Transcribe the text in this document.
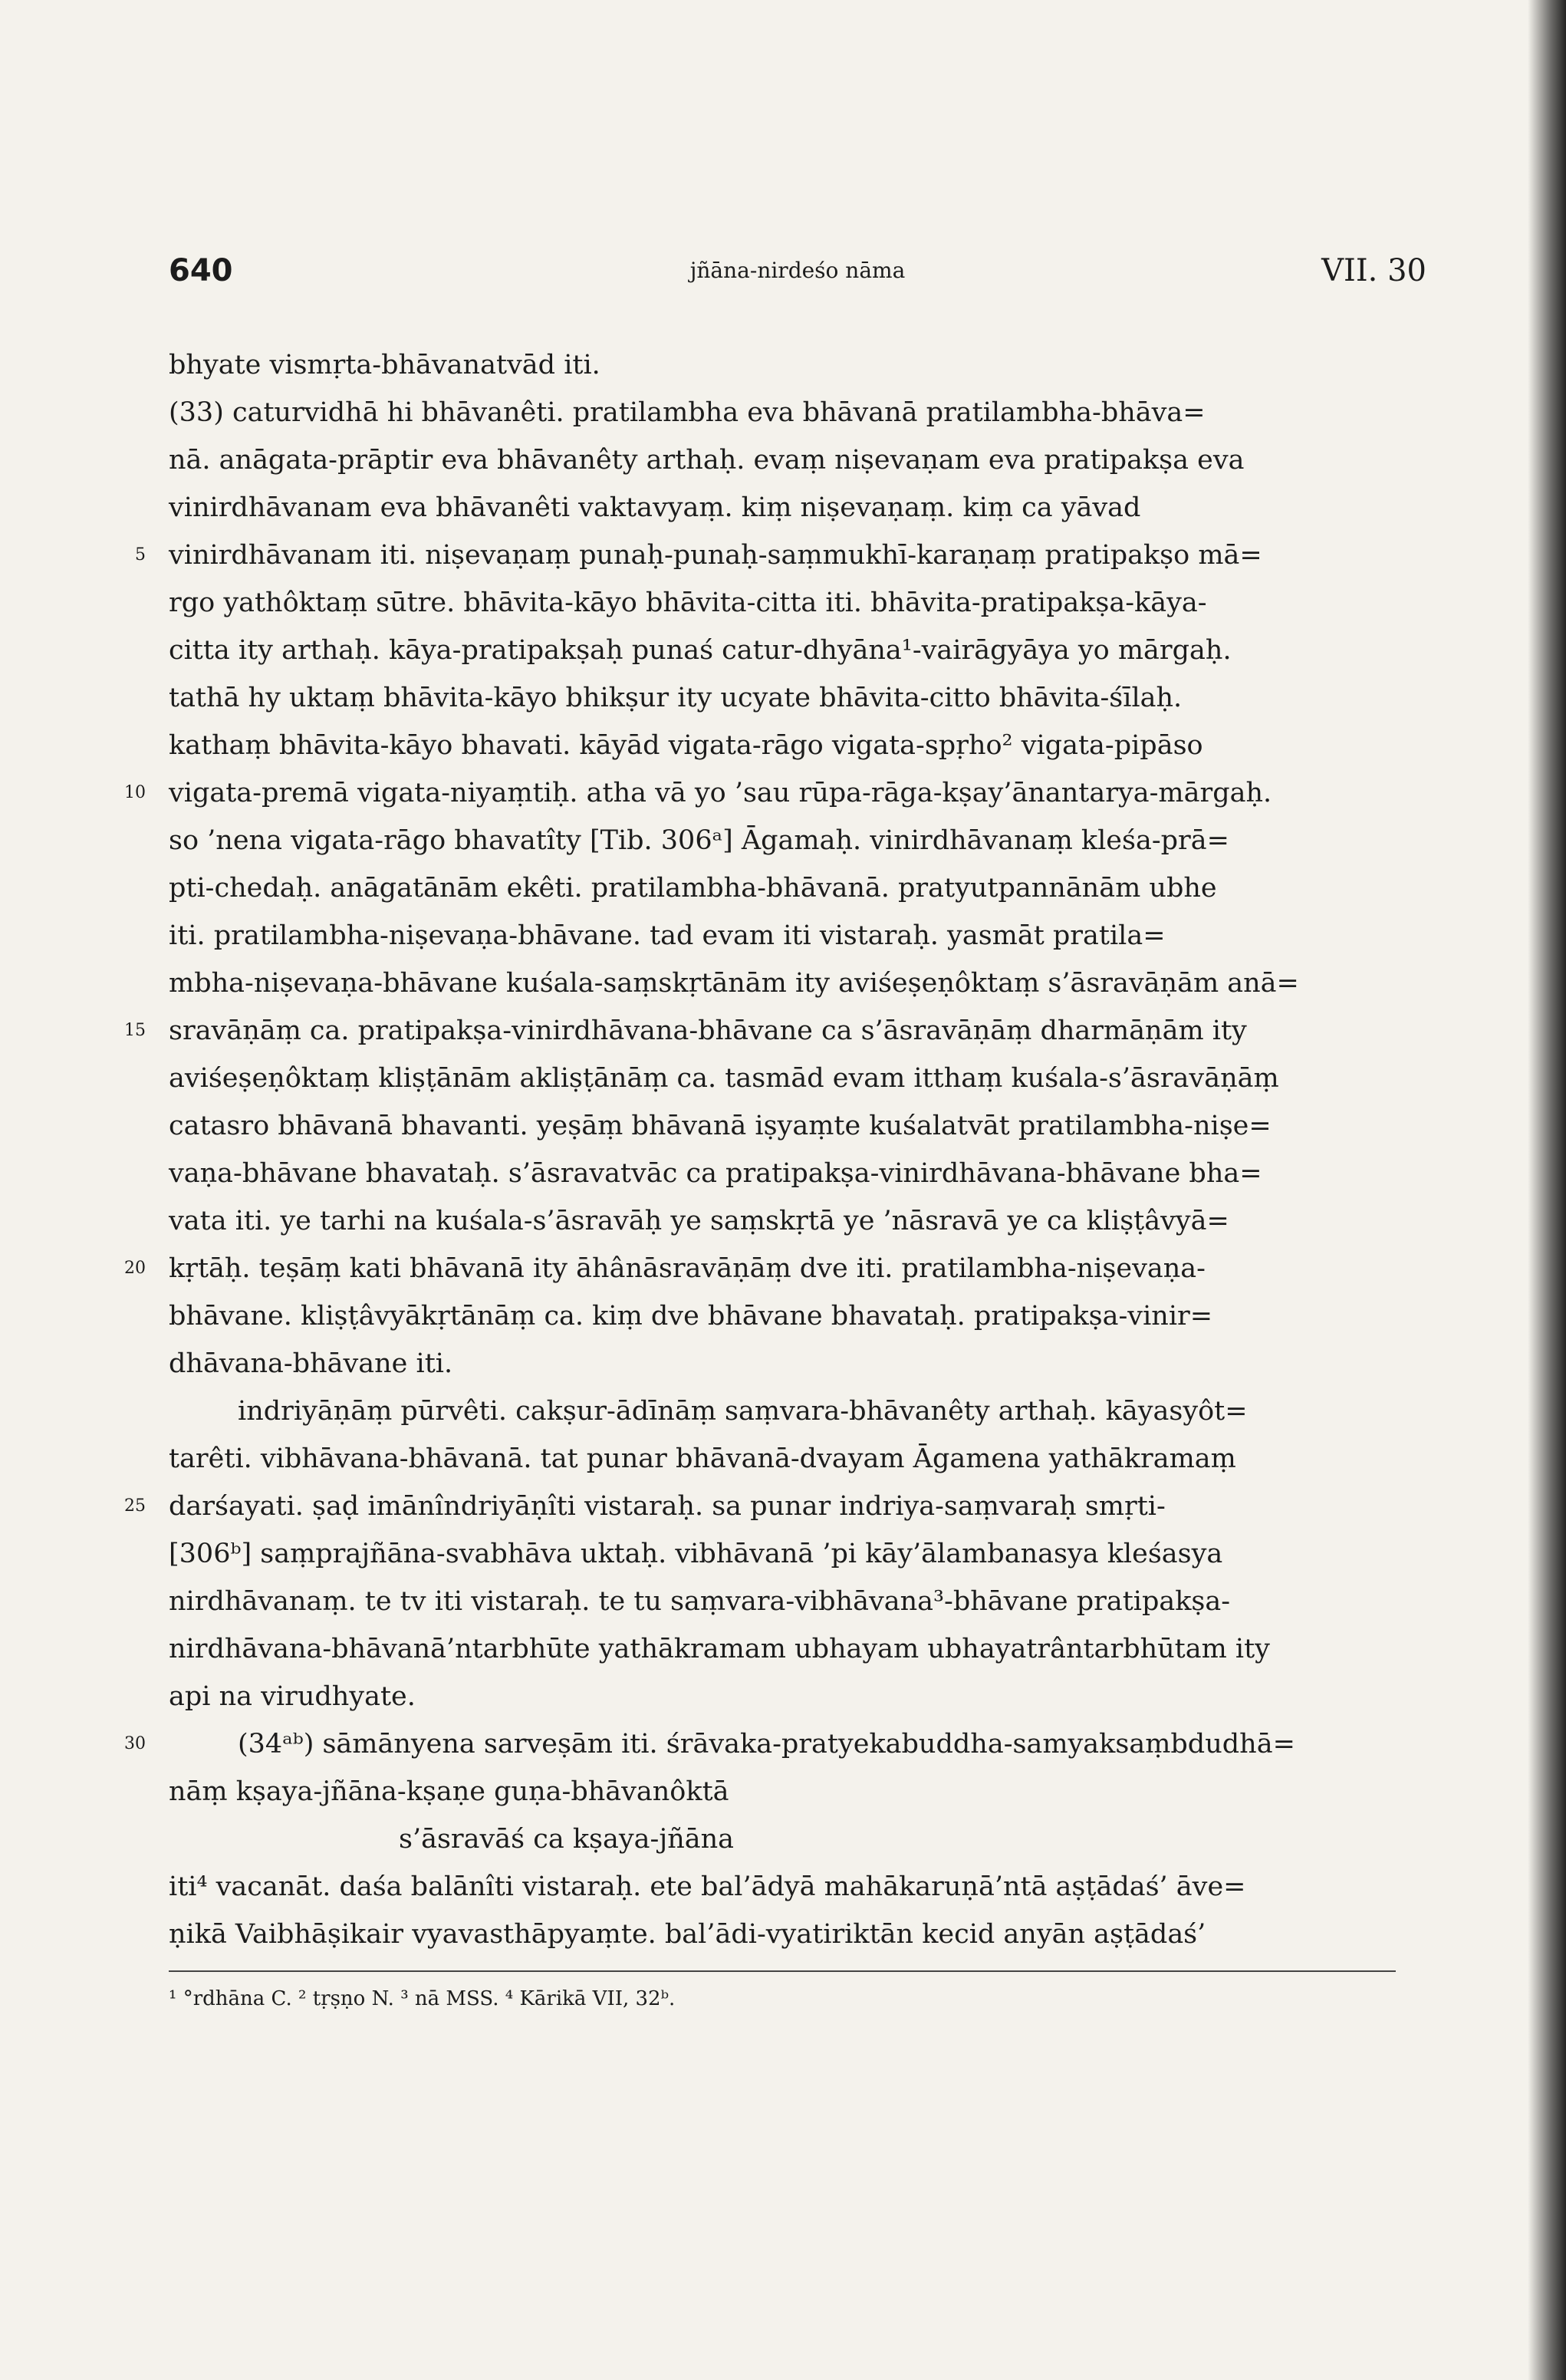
640	jñāna-nirdeśo nāma	VII. 30
bhyate vismṛta-bhāvanatvād iti.
(33) caturvidhā hi bhāvanêti. pratilambha eva bhāvanā pratilambha-bhāva=
nā. anāgata-prāptir eva bhāvanêty arthaḥ. evaṃ niṣevaṇam eva pratipakṣa eva
vinirdhāvanam eva bhāvanêti vaktavyaṃ. kiṃ niṣevaṇaṃ. kiṃ ca yāvad
5 vinirdhāvanam iti. niṣevaṇaṃ punaḥ-punaḥ-saṃmukhī-karaṇaṃ pratipakṣo mā=
rgo yathôktaṃ sūtre. bhāvita-kāyo bhāvita-citta iti. bhāvita-pratipakṣa-kāya-
citta ity arthaḥ. kāya-pratipakṣaḥ punaś catur-dhyāna¹-vairāgyāya yo mārgaḥ.
tathā hy uktaṃ bhāvita-kāyo bhikṣur ity ucyate bhāvita-citto bhāvita-śīlaḥ.
kathaṃ bhāvita-kāyo bhavati. kāyād vigata-rāgo vigata-spṛho² vigata-pipāso
10 vigata-premā vigata-niyaṃtiḥ. atha vā yo ’sau rūpa-rāga-kṣay’ānantarya-mārgaḥ.
so ’nena vigata-rāgo bhavatîty [Tib. 306ᵃ] Āgamaḥ. vinirdhāvanaṃ kleśa-prā=
pti-chedaḥ. anāgatānām ekêti. pratilambha-bhāvanā. pratyutpannānām ubhe
iti. pratilambha-niṣevaṇa-bhāvane. tad evam iti vistaraḥ. yasmāt pratila=
mbha-niṣevaṇa-bhāvane kuśala-saṃskṛtānām ity aviśeṣeṇôktaṃ s’āsravāṇām anā=
15 sravāṇāṃ ca. pratipakṣa-vinirdhāvana-bhāvane ca s’āsravāṇāṃ dharmāṇām ity
aviśeṣeṇôktaṃ kliṣṭānām akliṣṭānāṃ ca. tasmād evam itthaṃ kuśala-s’āsravāṇāṃ
catasro bhāvanā bhavanti. yeṣāṃ bhāvanā iṣyaṃte kuśalatvāt pratilambha-niṣe=
vaṇa-bhāvane bhavataḥ. s’āsravatvāc ca pratipakṣa-vinirdhāvana-bhāvane bha=
vata iti. ye tarhi na kuśala-s’āsravāḥ ye saṃskṛtā ye ’nāsravā ye ca kliṣṭâvyā=
20 kṛtāḥ. teṣāṃ kati bhāvanā ity āhânāsravāṇāṃ dve iti. pratilambha-niṣevaṇa-
bhāvane. kliṣṭâvyākṛtānāṃ ca. kiṃ dve bhāvane bhavataḥ. pratipakṣa-vinir=
dhāvana-bhāvane iti.
indriyāṇāṃ pūrvêti. cakṣur-ādīnāṃ saṃvara-bhāvanêty arthaḥ. kāyasyôt=
tarêti. vibhāvana-bhāvanā. tat punar bhāvanā-dvayam Āgamena yathākramaṃ
25 darśayati. ṣaḍ imānîndriyāṇîti vistaraḥ. sa punar indriya-saṃvaraḥ smṛti-
[306ᵇ] saṃprajñāna-svabhāva uktaḥ. vibhāvanā ’pi kāy’ālambanasya kleśasya
nirdhāvanaṃ. te tv iti vistaraḥ. te tu saṃvara-vibhāvana³-bhāvane pratipakṣa-
nirdhāvana-bhāvanā’ntarbhūte yathākramam ubhayam ubhayatrântarbhūtam ity
api na virudhyate.
30	(34ᵃᵇ) sāmānyena sarveṣām iti. śrāvaka-pratyekabuddha-samyaksaṃbdudhā=
nāṃ kṣaya-jñāna-kṣaṇe guṇa-bhāvanôktā
s’āsravāś ca kṣaya-jñāna
iti⁴ vacanāt. daśa balānîti vistaraḥ. ete bal’ādyā mahākaruṇā’ntā aṣṭādaś’ āve=
ṇikā Vaibhāṣikair vyavasthāpyaṃte. bal’ādi-vyatiriktān kecid anyān aṣṭādaś’
¹ °rdhāna C. ² tṛṣṇo N. ³ nā MSS. ⁴ Kārikā VII, 32ᵇ.
